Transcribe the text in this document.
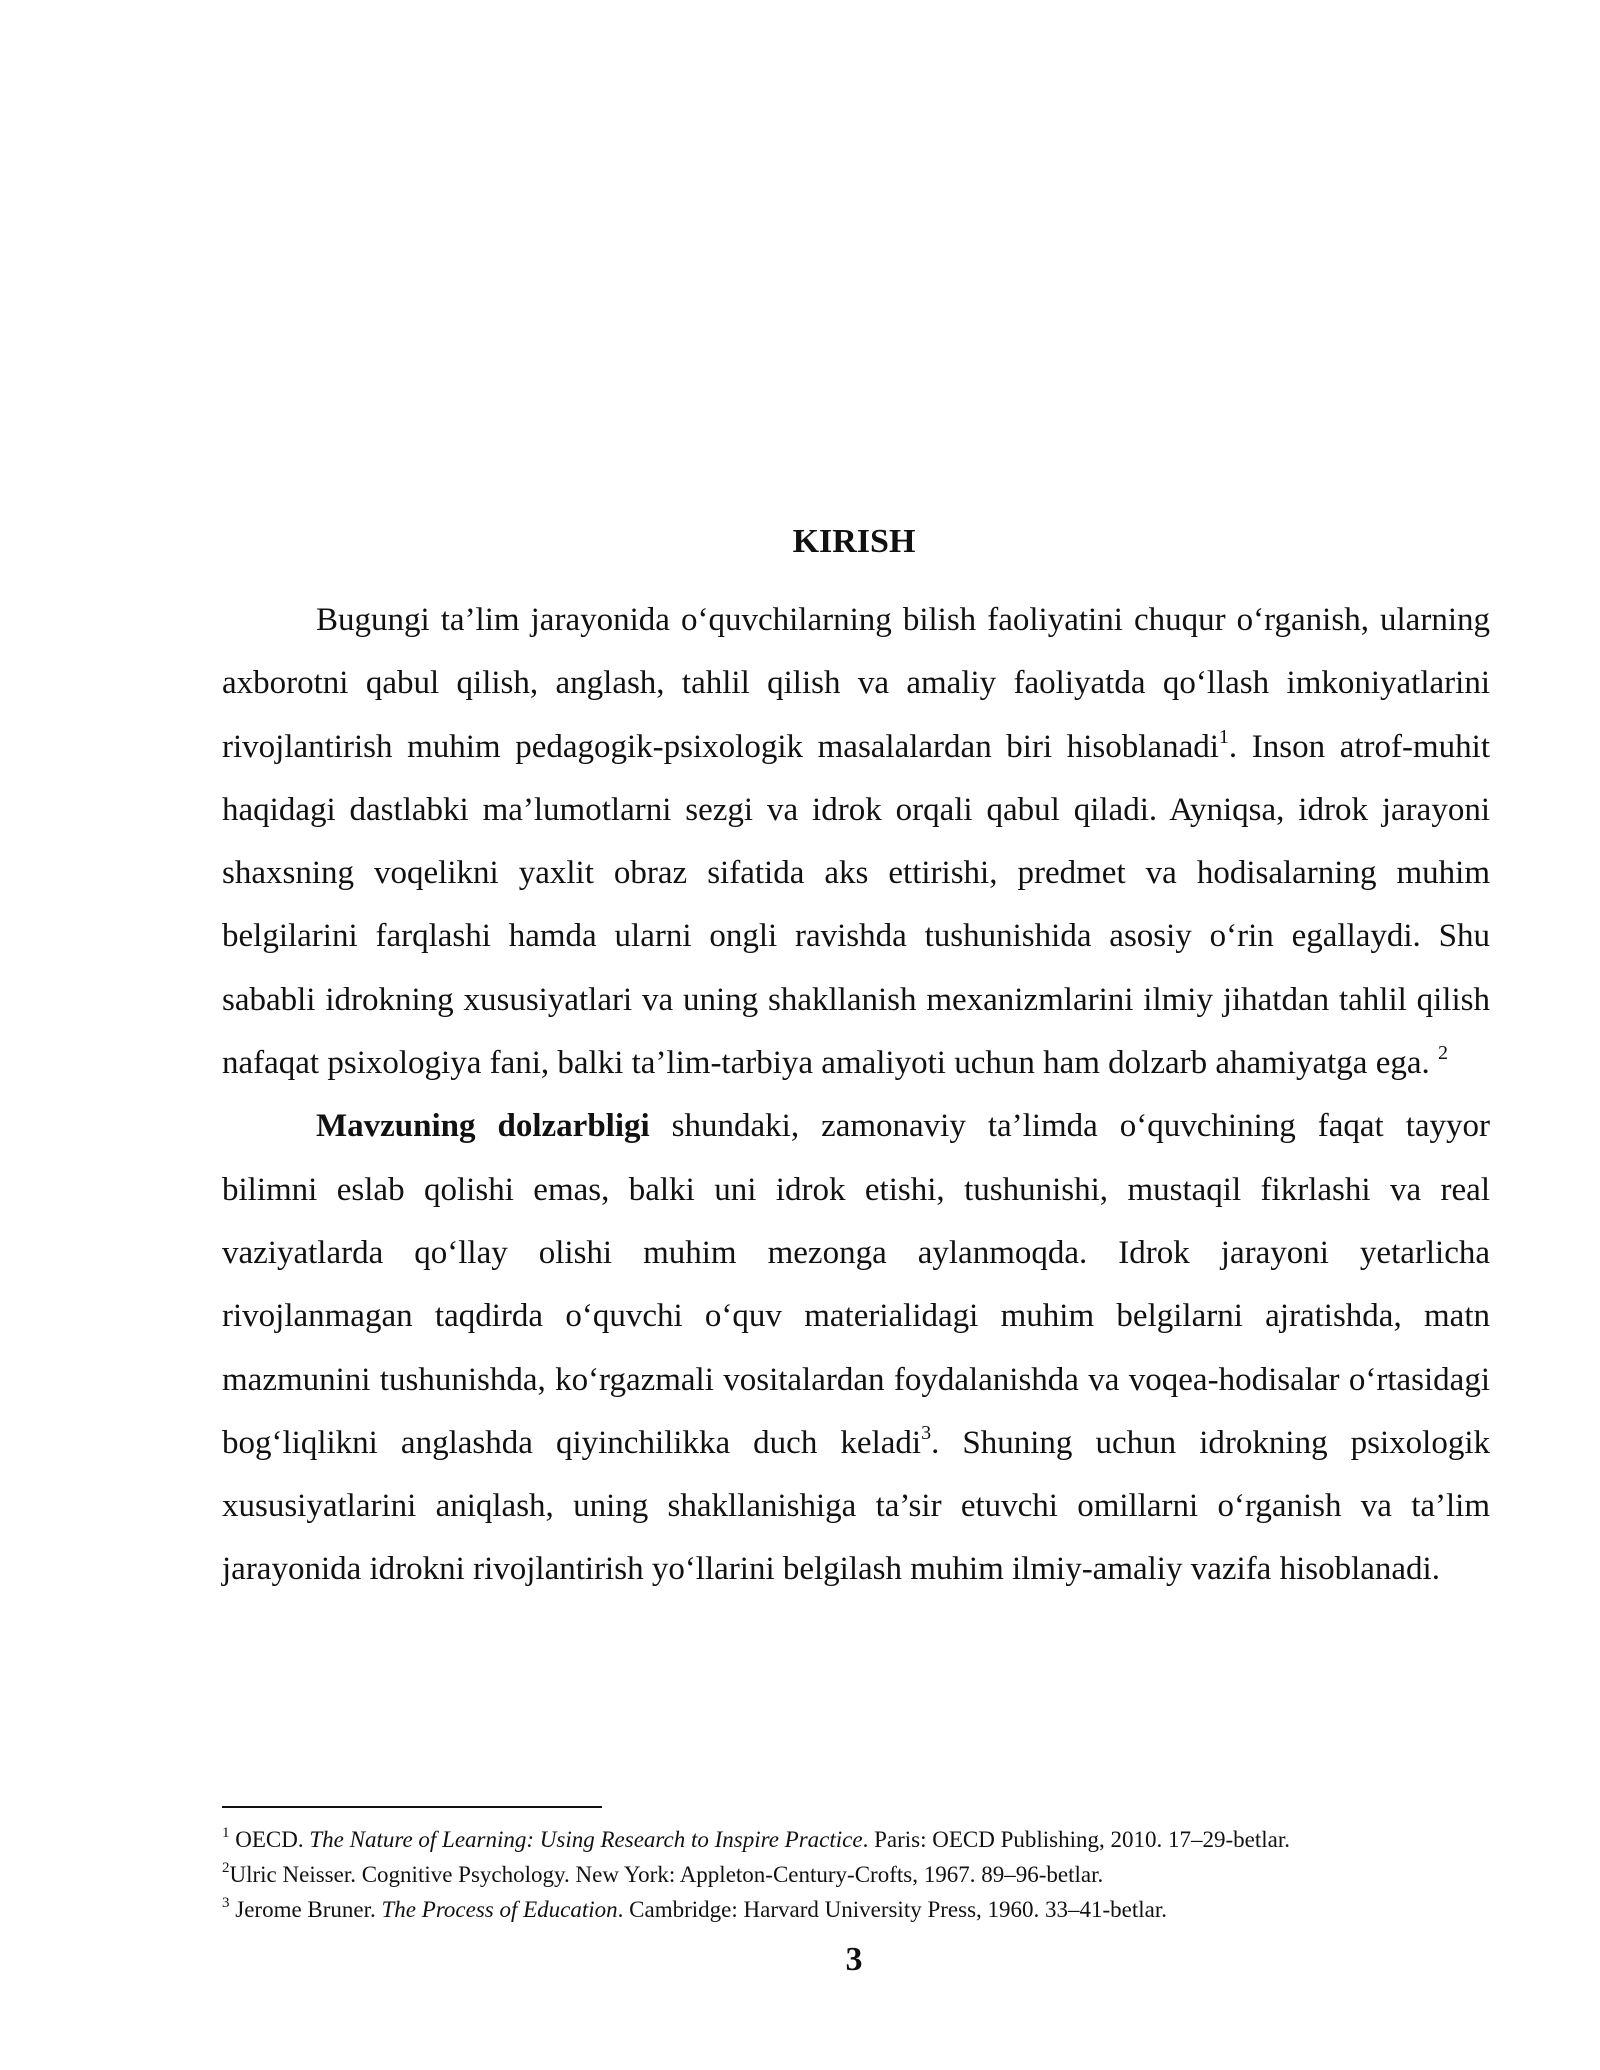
KIRISH

Bugungi ta’lim jarayonida o‘quvchilarning bilish faoliyatini chuqur o‘rganish, ularning axborotni qabul qilish, anglash, tahlil qilish va amaliy faoliyatda qo‘llash imkoniyatlarini rivojlantirish muhim pedagogik-psixologik masalalardan biri hisoblanadi$^1$. Inson atrof-muhit haqidagi dastlabki ma’lumotlarni sezgi va idrok orqali qabul qiladi. Ayniqsa, idrok jarayoni shaxsning voqelikni yaxlit obraz sifatida aks ettirishi, predmet va hodisalarning muhim belgilarini farqlashi hamda ularni ongli ravishda tushunishida asosiy o‘rin egallaydi. Shu sababli idrokning xususiyatlari va uning shakllanish mexanizmlarini ilmiy jihatdan tahlil qilish nafaqat psixologiya fani, balki ta’lim-tarbiya amaliyoti uchun ham dolzarb ahamiyatga ega. $^2$

Mavzuning dolzarbligi shundaki, zamonaviy ta’limda o‘quvchining faqat tayyor bilimni eslab qolishi emas, balki uni idrok etishi, tushunishi, mustaqil fikrlashi va real vaziyatlarda qo‘llay olishi muhim mezonga aylanmoqda. Idrok jarayoni yetarlicha rivojlanmagan taqdirda o‘quvchi o‘quv materialidagi muhim belgilarni ajratishda, matn mazmunini tushunishda, ko‘rgazmali vositalardan foydalanishda va voqea-hodisalar o‘rtasidagi bog‘liqlikni anglashda qiyinchilikka duch keladi$^3$. Shuning uchun idrokning psixologik xususiyatlarini aniqlash, uning shakllanishiga ta’sir etuvchi omillarni o‘rganish va ta’lim jarayonida idrokni rivojlantirish yo‘llarini belgilash muhim ilmiy-amaliy vazifa hisoblanadi.

$^1$ OECD. The Nature of Learning: Using Research to Inspire Practice. Paris: OECD Publishing, 2010. 17–29-betlar.
$^2$Ulric Neisser. Cognitive Psychology. New York: Appleton-Century-Crofts, 1967. 89–96-betlar.
$^3$ Jerome Bruner. The Process of Education. Cambridge: Harvard University Press, 1960. 33–41-betlar.
3
